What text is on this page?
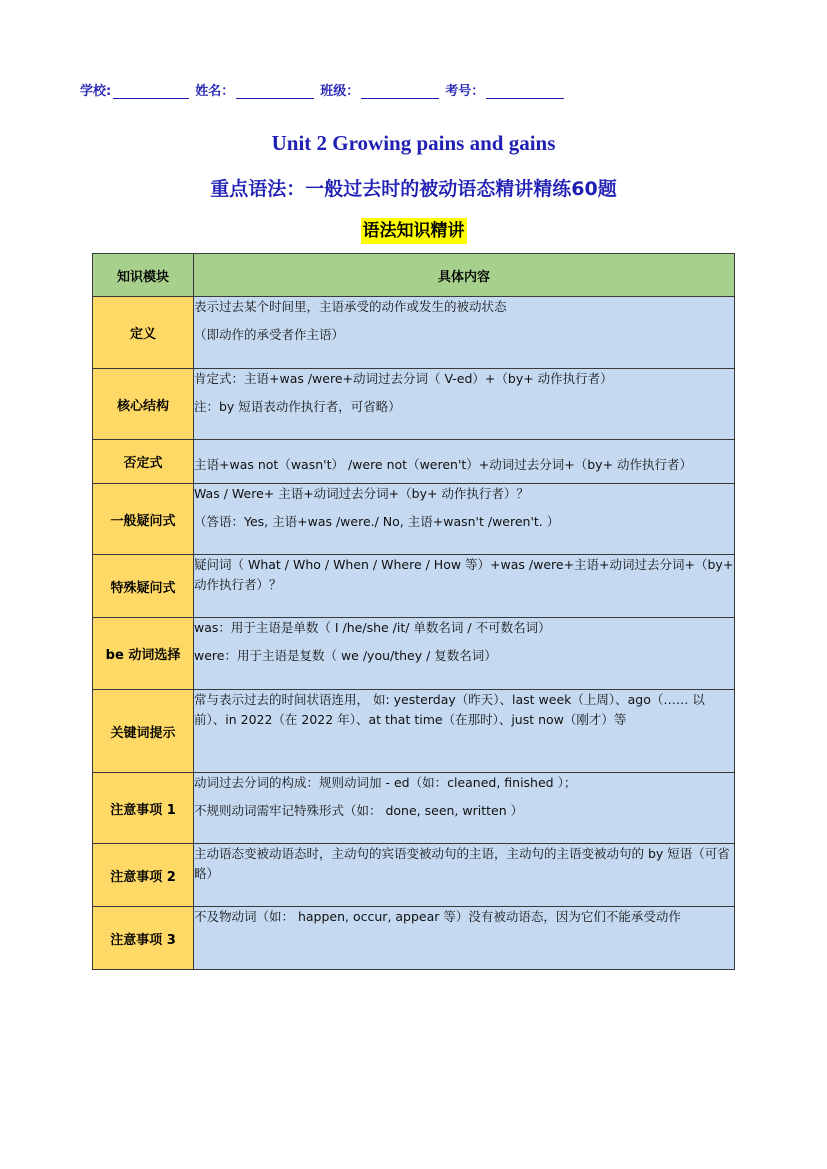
学校:	姓名：	班级：	考号：
Unit 2 Growing pains and gains
重点语法：一般过去时的被动语态精讲精练60题
语法知识精讲
知识模块	具体内容
定义	表示过去某个时间里，主语承受的动作或发生的被动状态
（即动作的承受者作主语）

核心结构	肯定式：主语+was /were+动词过去分词（ V-ed）+（by+ 动作执行者）
注：by 短语表动作执行者，可省略）

否定式	主语+was not（wasn't） /were not（weren't）+动词过去分词+（by+ 动作执行者）

一般疑问式	Was / Were+ 主语+动词过去分词+（by+ 动作执行者）？
（答语：Yes, 主语+was /were./ No, 主语+wasn't /weren't. ）

特殊疑问式	疑问词（ What / Who / When / Where / How 等）+was /were+主语+动词过去分词+（by+ 动作执行者）？

be 动词选择	was：用于主语是单数（ I /he/she /it/ 单数名词 / 不可数名词）
were：用于主语是复数（ we /you/they / 复数名词）

关键词提示	常与表示过去的时间状语连用， 如: yesterday（昨天）、last week（上周）、ago（…… 以前）、in 2022（在 2022 年）、at that time（在那时）、just now（刚才）等

注意事项 1	动词过去分词的构成：规则动词加 - ed（如：cleaned, finished ）；
不规则动词需牢记特殊形式（如： done, seen, written ）

注意事项 2	主动语态变被动语态时，主动句的宾语变被动句的主语，主动句的主语变被动句的 by 短语（可省略）

注意事项 3	不及物动词（如： happen, occur, appear 等）没有被动语态，因为它们不能承受动作
